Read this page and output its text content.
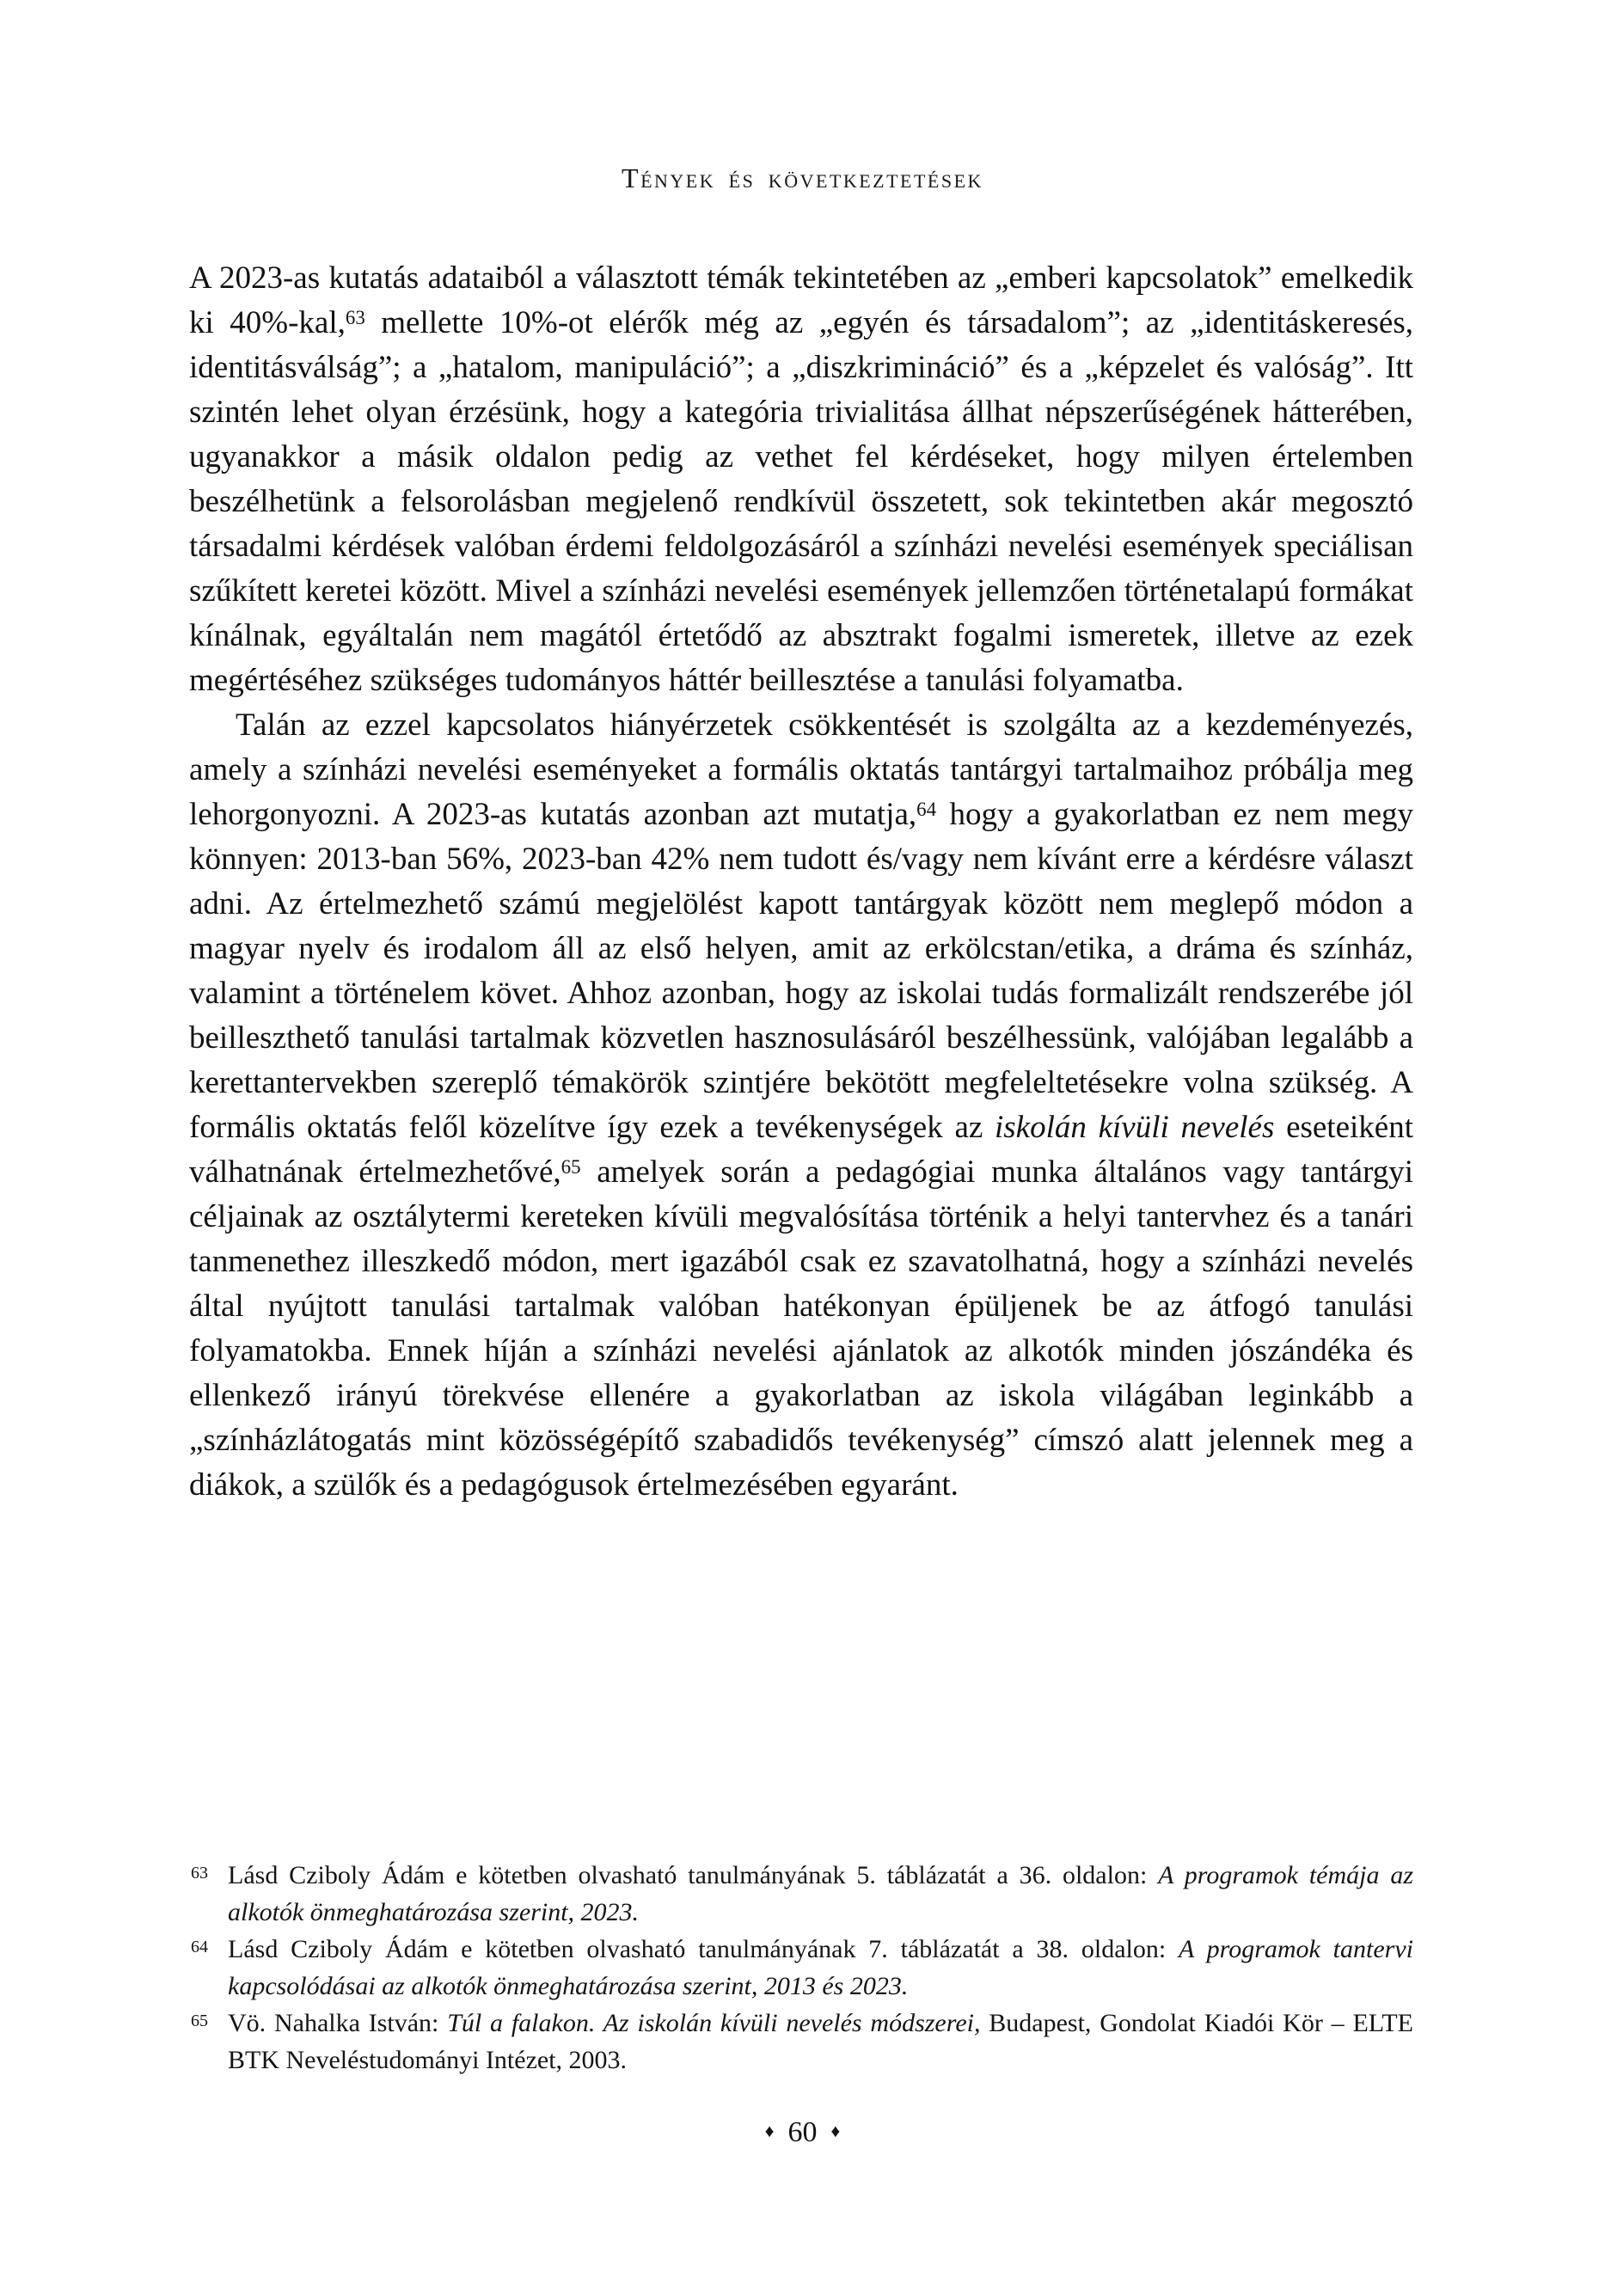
Tények és következtetések

A 2023-as kutatás adataiból a választott témák tekintetében az „emberi kapcsolatok” emelkedik ki 40%-kal,$^{63}$ mellette 10%-ot elérők még az „egyén és társadalom”; az „identitáskeresés, identitásválság”; a „hatalom, manipuláció”; a „diszkrimináció” és a „képzelet és valóság”. Itt szintén lehet olyan érzésünk, hogy a kategória trivialitása állhat népszerűségének hátterében, ugyanakkor a másik oldalon pedig az vethet fel kérdéseket, hogy milyen értelemben beszélhetünk a felsorolásban megjelenő rendkívül összetett, sok tekintetben akár megosztó társadalmi kérdések valóban érdemi feldolgozásáról a színházi nevelési események speciálisan szűkített keretei között. Mivel a színházi nevelési események jellemzően történetalapú formákat kínálnak, egyáltalán nem magától értetődő az absztrakt fogalmi ismeretek, illetve az ezek megértéséhez szükséges tudományos háttér beillesztése a tanulási folyamatba.

Talán az ezzel kapcsolatos hiányérzetek csökkentését is szolgálta az a kezdeményezés, amely a színházi nevelési eseményeket a formális oktatás tantárgyi tartalmaihoz próbálja meg lehorgonyozni. A 2023-as kutatás azonban azt mutatja,$^{64}$ hogy a gyakorlatban ez nem megy könnyen: 2013-ban 56%, 2023-ban 42% nem tudott és/vagy nem kívánt erre a kérdésre választ adni. Az értelmezhető számú megjelölést kapott tantárgyak között nem meglepő módon a magyar nyelv és irodalom áll az első helyen, amit az erkölcstan/etika, a dráma és színház, valamint a történelem követ. Ahhoz azonban, hogy az iskolai tudás formalizált rendszerébe jól beilleszthető tanulási tartalmak közvetlen hasznosulásáról beszélhessünk, valójában legalább a kerettantervekben szereplő témakörök szintjére bekötött megfeleltetésekre volna szükség. A formális oktatás felől közelítve így ezek a tevékenységek az iskolán kívüli nevelés eseteiként válhatnának értelmezhetővé,$^{65}$ amelyek során a pedagógiai munka általános vagy tantárgyi céljainak az osztálytermi kereteken kívüli megvalósítása történik a helyi tantervhez és a tanári tanmenethez illeszkedő módon, mert igazából csak ez szavatolhatná, hogy a színházi nevelés által nyújtott tanulási tartalmak valóban hatékonyan épüljenek be az átfogó tanulási folyamatokba. Ennek híján a színházi nevelési ajánlatok az alkotók minden jószándéka és ellenkező irányú törekvése ellenére a gyakorlatban az iskola világában leginkább a „színházlátogatás mint közösségépítő szabadidős tevékenység” címszó alatt jelennek meg a diákok, a szülők és a pedagógusok értelmezésében egyaránt.

63 Lásd Cziboly Ádám e kötetben olvasható tanulmányának 5. táblázatát a 36. oldalon: A programok témája az alkotók önmeghatározása szerint, 2023.
64 Lásd Cziboly Ádám e kötetben olvasható tanulmányának 7. táblázatát a 38. oldalon: A programok tantervi kapcsolódásai az alkotók önmeghatározása szerint, 2013 és 2023.
65 Vö. Nahalka István: Túl a falakon. Az iskolán kívüli nevelés módszerei, Budapest, Gondolat Kiadói Kör – ELTE BTK Neveléstudományi Intézet, 2003.
♦ 60 ♦
